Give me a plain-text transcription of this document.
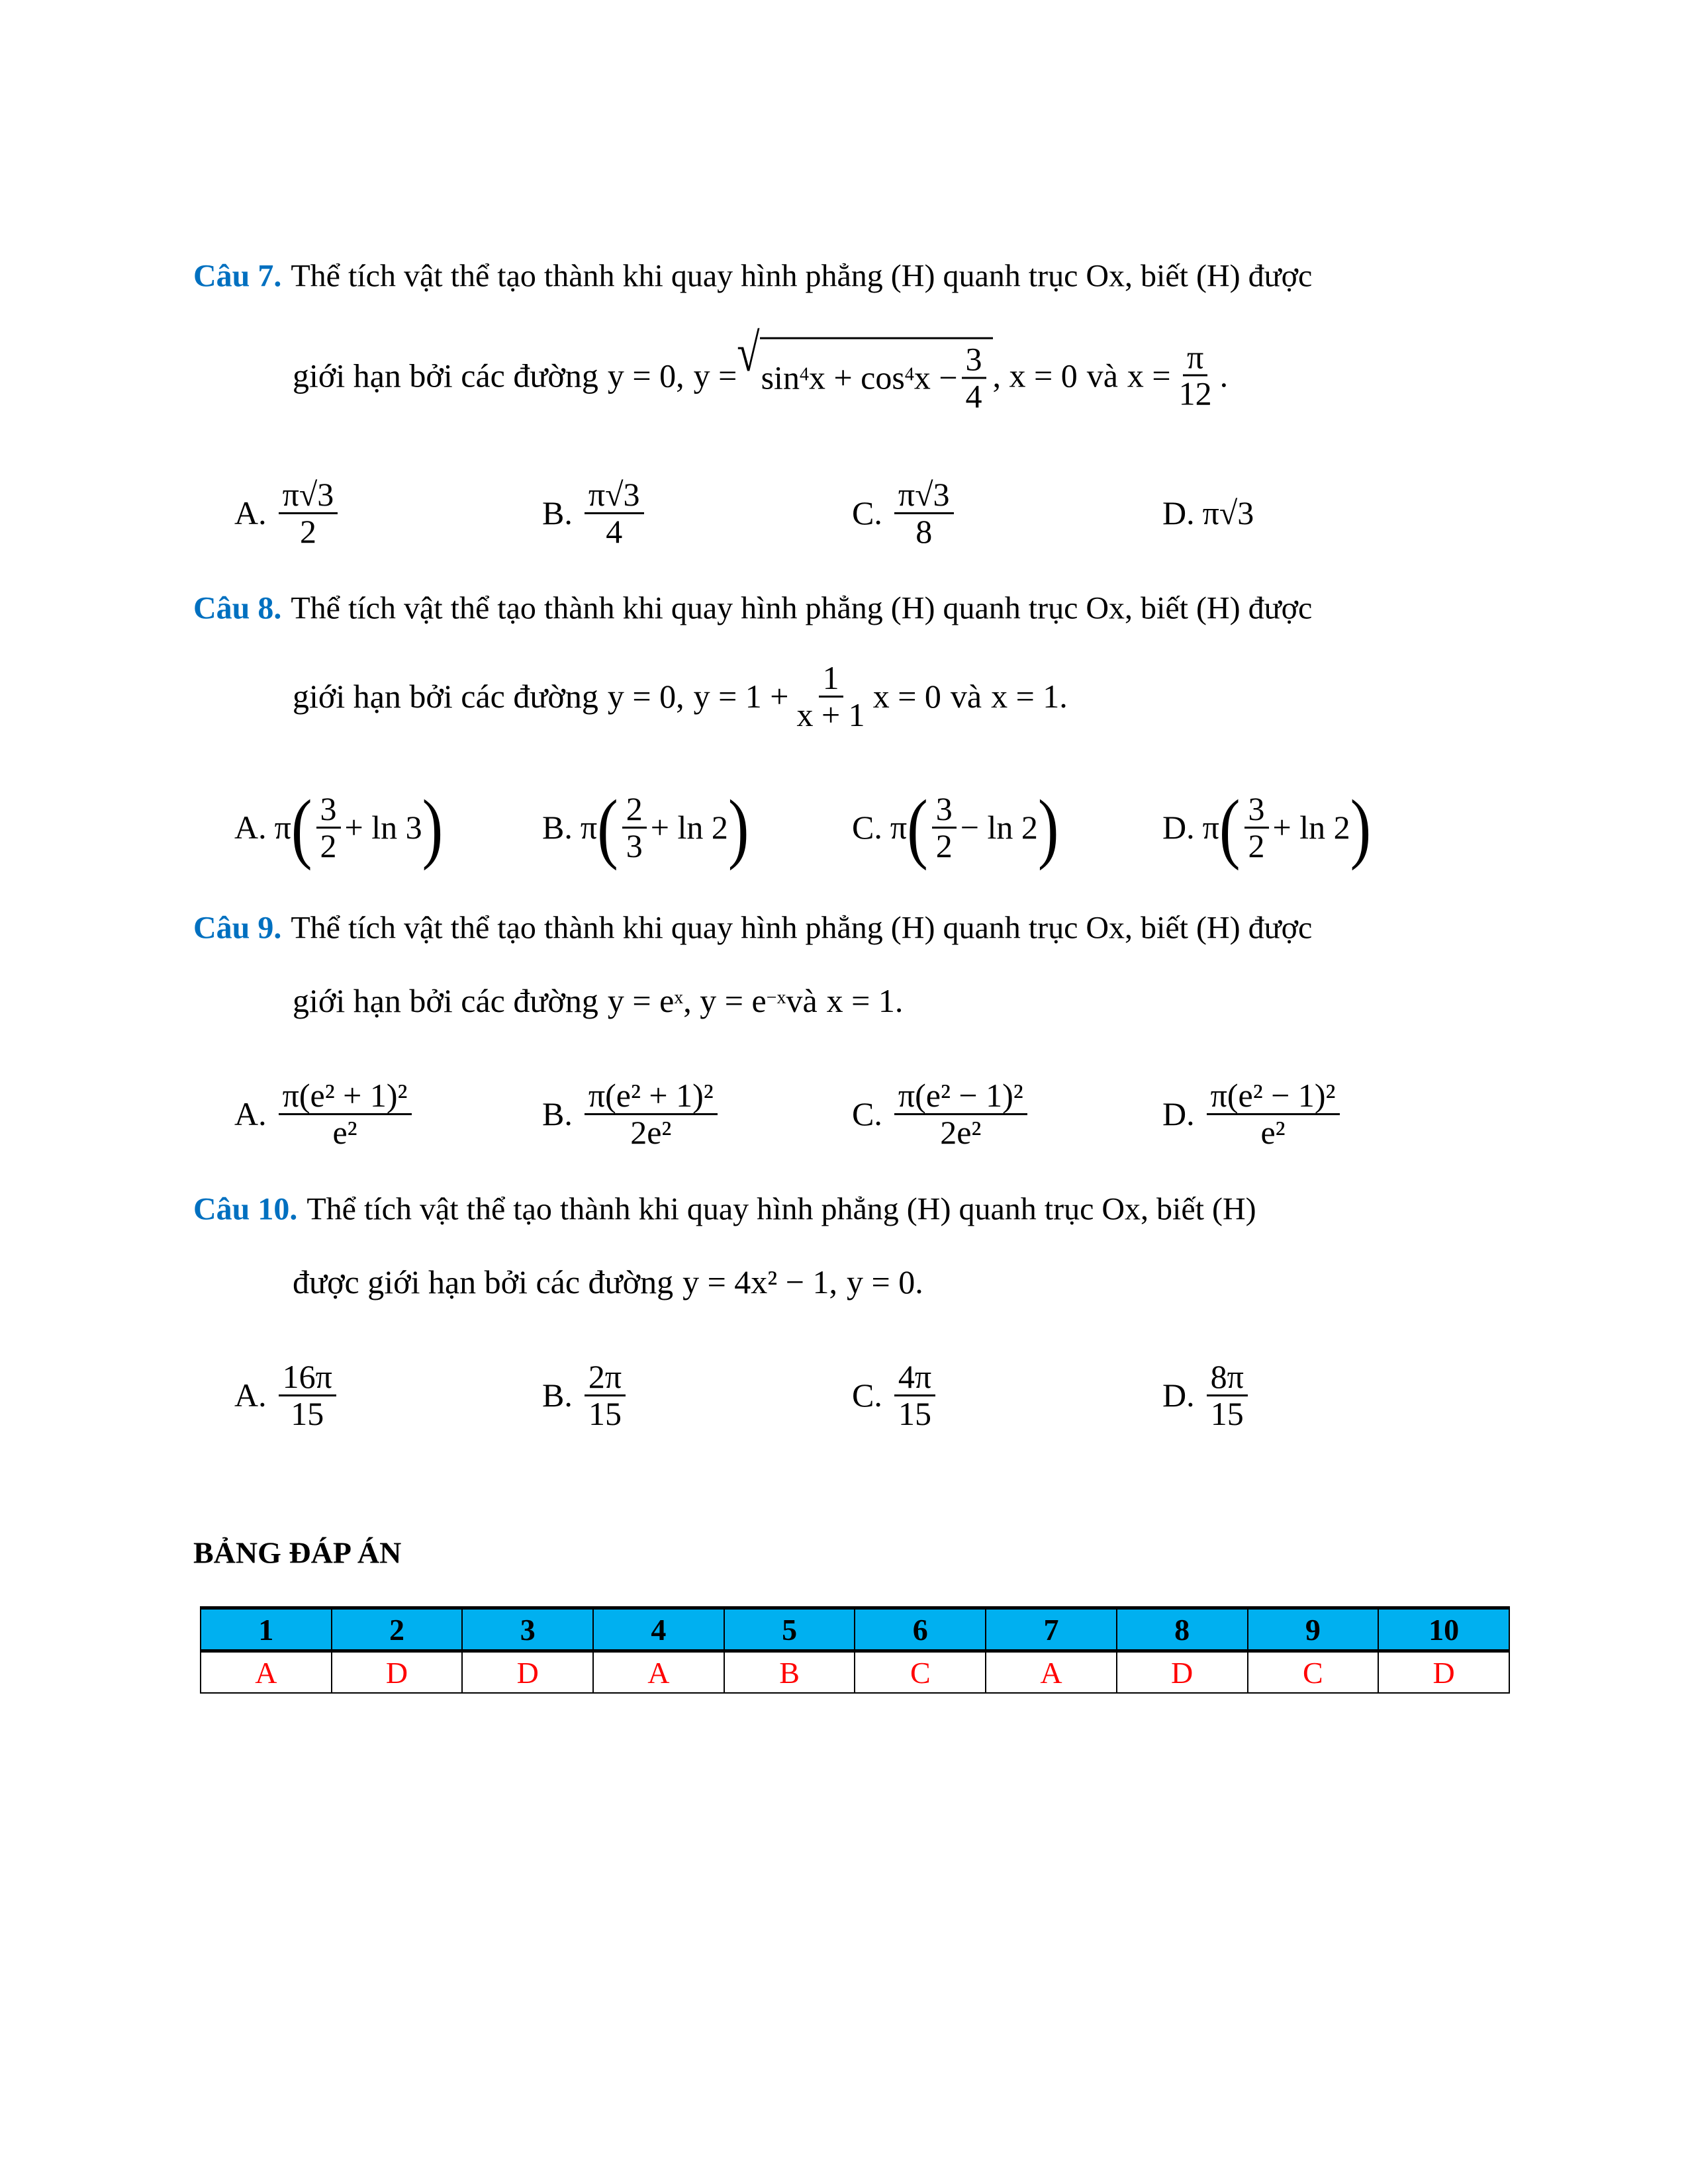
Câu 7. Thể tích vật thể tạo thành khi quay hình phẳng (H) quanh trục Ox, biết (H) được
giới hạn bởi các đường y = 0, y = √ sin 4 x + cos 4 $x - \frac{3}{4}$ , x = 0 và $x = \frac{\pi}{12}$ .
A. $\frac{\pi√3}{2}$	B. $\frac{\pi√3}{4}$	C. $\frac{\pi√3}{8}$	D. π√3
Câu 8. Thể tích vật thể tạo thành khi quay hình phẳng (H) quanh trục Ox, biết (H) được
giới hạn bởi các đường y = 0, $y = 1 + \frac{1}{x + 1}$ x = 0 và x = 1.
A. π ( $\frac{3}{2} + \ln 3$ )	B. π ( $\frac{2}{3} + \ln 2$ )	C. π ( $\frac{3}{2} - \ln 2$ )	D. π ( $\frac{3}{2} + \ln 2$ )
Câu 9. Thể tích vật thể tạo thành khi quay hình phẳng (H) quanh trục Ox, biết (H) được
giới hạn bởi các đường y = e x , y = e −x và x = 1.
A. $\frac{\text{π(e² + 1)²}}{\text{e²}}$	B. $\frac{\text{π(e² + 1)²}}{\text{2e²}}$	C. $\frac{\text{π(e² − 1)²}}{\text{2e²}}$	D. $\frac{\text{π(e² − 1)²}}{\text{e²}}$
Câu 10. Thể tích vật thể tạo thành khi quay hình phẳng (H) quanh trục Ox, biết (H)
được giới hạn bởi các đường y = 4x² − 1, y = 0.
A. $\frac{16\pi}{15}$	B. $\frac{2\pi}{15}$	C. $\frac{4\pi}{15}$	D. $\frac{8\pi}{15}$
BẢNG ĐÁP ÁN
1	2	3	4	5	6	7	8	9	10
A	D	D	A	B	C	A	D	C	D
